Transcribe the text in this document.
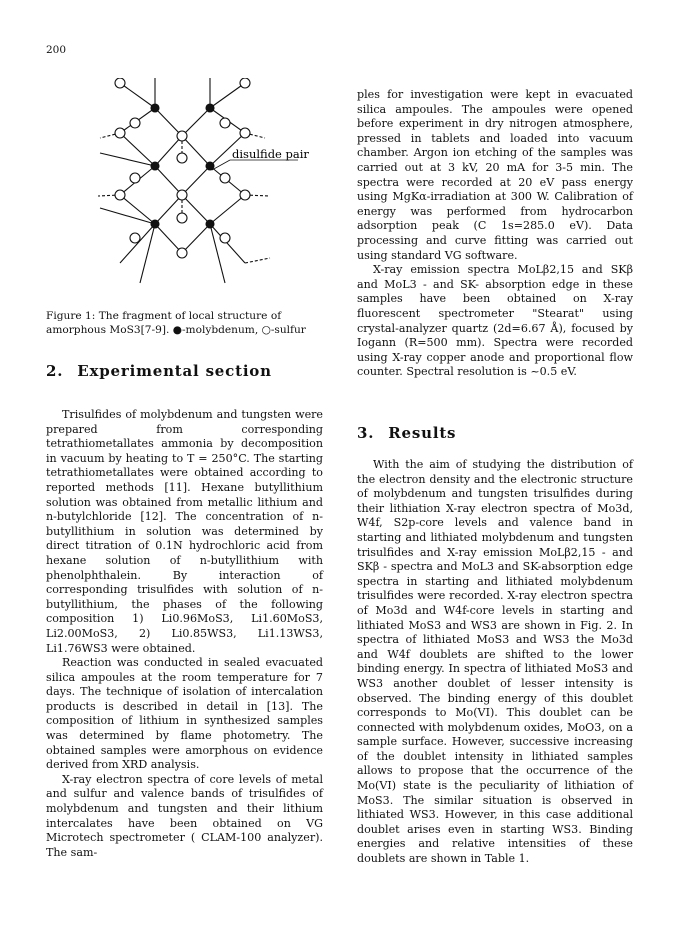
200
disulfide pair
Figure 1: The fragment of local structure of amorphous MoS3[7-9]. ●-molybdenum, ○-sulfur
2. Experimental section

Trisulfides of molybdenum and tungsten were prepared from corresponding tetrathiometallates ammonia by decomposition in vacuum by heating to T = 250°C. The starting tetrathiometallates were obtained according to reported methods [11]. Hexane butyllithium solution was obtained from metallic lithium and n-butylchloride [12]. The concentration of n-butyllithium in solution was determined by direct titration of 0.1N hydrochloric acid from hexane solution of n-butyllithium with phenolphthalein. By interaction of corresponding trisulfides with solution of n-butyllithium, the phases of the following composition 1) Li0.96MoS3, Li1.60MoS3, Li2.00MoS3, 2) Li0.85WS3, Li1.13WS3, Li1.76WS3 were obtained.

Reaction was conducted in sealed evacuated silica ampoules at the room temperature for 7 days. The technique of isolation of intercalation products is described in detail in [13]. The composition of lithium in synthesized samples was determined by flame photometry. The obtained samples were amorphous on evidence derived from XRD analysis.

X-ray electron spectra of core levels of metal and sulfur and valence bands of trisulfides of molybdenum and tungsten and their lithium intercalates have been obtained on VG Microtech spectrometer ( CLAM-100 analyzer). The sam-

ples for investigation were kept in evacuated silica ampoules. The ampoules were opened before experiment in dry nitrogen atmosphere, pressed in tablets and loaded into vacuum chamber. Argon ion etching of the samples was carried out at 3 kV, 20 mA for 3-5 min. The spectra were recorded at 20 eV pass energy using MgKα-irradiation at 300 W. Calibration of energy was performed from hydrocarbon adsorption peak (C 1s=285.0 eV). Data processing and curve fitting was carried out using standard VG software.

X-ray emission spectra MoLβ2,15 and SKβ and MoL3 - and SK- absorption edge in these samples have been obtained on X-ray fluorescent spectrometer "Stearat" using crystal-analyzer quartz (2d=6.67 Å), focused by Iogann (R=500 mm). Spectra were recorded using X-ray copper anode and proportional flow counter. Spectral resolution is ~0.5 eV.

3. Results

With the aim of studying the distribution of the electron density and the electronic structure of molybdenum and tungsten trisulfides during their lithiation X-ray electron spectra of Mo3d, W4f, S2p-core levels and valence band in starting and lithiated molybdenum and tungsten trisulfides and X-ray emission MoLβ2,15 - and SKβ - spectra and MoL3 and SK-absorption edge spectra in starting and lithiated molybdenum trisulfides were recorded. X-ray electron spectra of Mo3d and W4f-core levels in starting and lithiated MoS3 and WS3 are shown in Fig. 2. In spectra of lithiated MoS3 and WS3 the Mo3d and W4f doublets are shifted to the lower binding energy. In spectra of lithiated MoS3 and WS3 another doublet of lesser intensity is observed. The binding energy of this doublet corresponds to Mo(VI). This doublet can be connected with molybdenum oxides, MoO3, on a sample surface. However, successive increasing of the doublet intensity in lithiated samples allows to propose that the occurrence of the Mo(VI) state is the peculiarity of lithiation of MoS3. The similar situation is observed in lithiated WS3. However, in this case additional doublet arises even in starting WS3. Binding energies and relative intensities of these doublets are shown in Table 1.
